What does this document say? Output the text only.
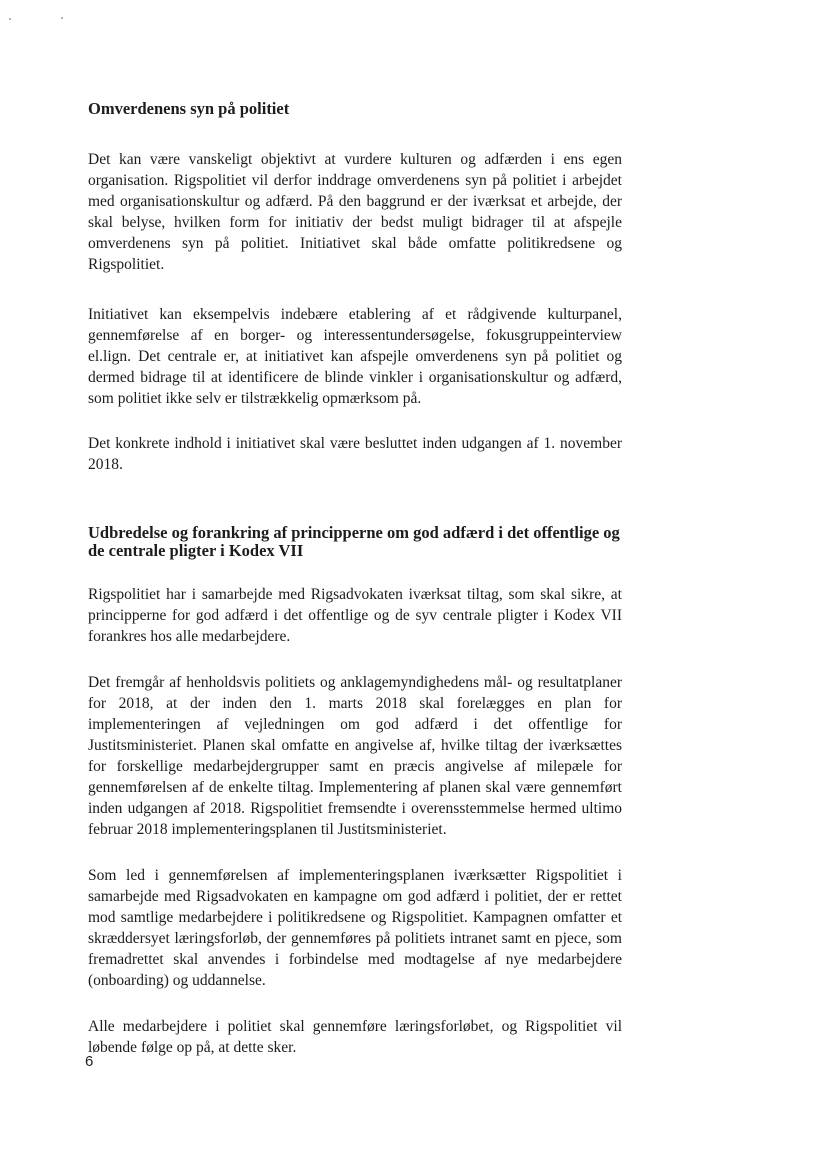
Omverdenens syn på politiet

Det kan være vanskeligt objektivt at vurdere kulturen og adfærden i ens egen organisation. Rigspolitiet vil derfor inddrage omverdenens syn på politiet i arbejdet med organisationskultur og adfærd. På den baggrund er der iværksat et arbejde, der skal belyse, hvilken form for initiativ der bedst muligt bidrager til at afspejle omverdenens syn på politiet. Initiativet skal både omfatte politikredsene og Rigspolitiet.

Initiativet kan eksempelvis indebære etablering af et rådgivende kulturpanel, gennemførelse af en borger- og interessentundersøgelse, fokusgruppeinterview el.lign. Det centrale er, at initiativet kan afspejle omverdenens syn på politiet og dermed bidrage til at identificere de blinde vinkler i organisationskultur og adfærd, som politiet ikke selv er tilstrækkelig opmærksom på.

Det konkrete indhold i initiativet skal være besluttet inden udgangen af 1. november 2018.

Udbredelse og forankring af principperne om god adfærd i det offentlige og de centrale pligter i Kodex VII

Rigspolitiet har i samarbejde med Rigsadvokaten iværksat tiltag, som skal sikre, at principperne for god adfærd i det offentlige og de syv centrale pligter i Kodex VII forankres hos alle medarbejdere.

Det fremgår af henholdsvis politiets og anklagemyndighedens mål- og resultatplaner for 2018, at der inden den 1. marts 2018 skal forelægges en plan for implementeringen af vejledningen om god adfærd i det offentlige for Justitsministeriet. Planen skal omfatte en angivelse af, hvilke tiltag der iværksættes for forskellige medarbejdergrupper samt en præcis angivelse af milepæle for gennemførelsen af de enkelte tiltag. Implementering af planen skal være gennemført inden udgangen af 2018. Rigspolitiet fremsendte i overensstemmelse hermed ultimo februar 2018 implementeringsplanen til Justitsministeriet.

Som led i gennemførelsen af implementeringsplanen iværksætter Rigspolitiet i samarbejde med Rigsadvokaten en kampagne om god adfærd i politiet, der er rettet mod samtlige medarbejdere i politikredsene og Rigspolitiet. Kampagnen omfatter et skræddersyet læringsforløb, der gennemføres på politiets intranet samt en pjece, som fremadrettet skal anvendes i forbindelse med modtagelse af nye medarbejdere (onboarding) og uddannelse.

Alle medarbejdere i politiet skal gennemføre læringsforløbet, og Rigspolitiet vil løbende følge op på, at dette sker.

6
